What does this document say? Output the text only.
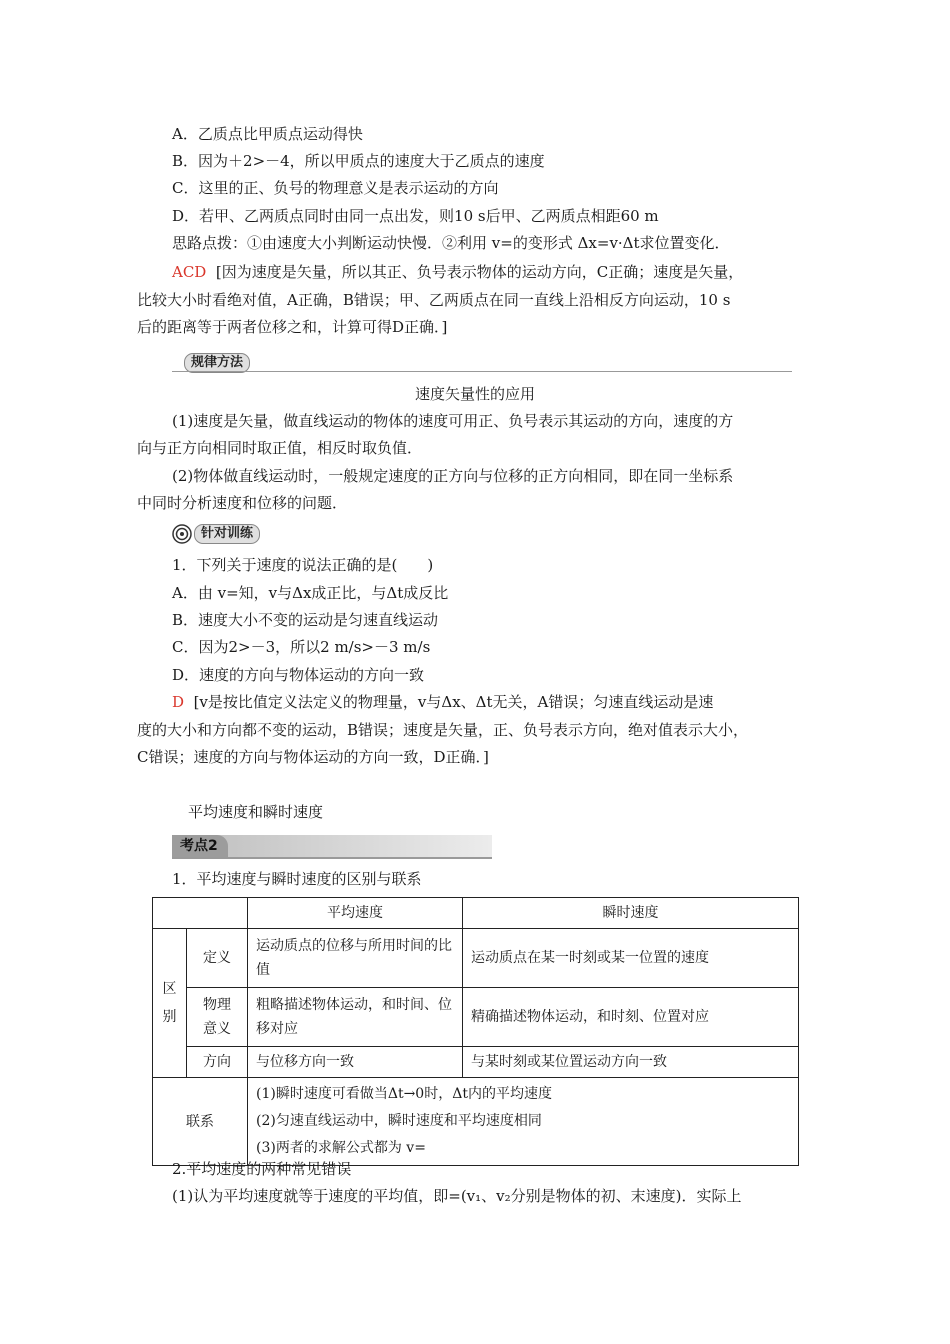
A．乙质点比甲质点运动得快
B．因为＋2>－4，所以甲质点的速度大于乙质点的速度
C．这里的正、负号的物理意义是表示运动的方向
D．若甲、乙两质点同时由同一点出发，则10 s后甲、乙两质点相距60 m
思路点拨：①由速度大小判断运动快慢．②利用 v=的变形式 Δx=v·Δt求位置变化．
ACD [因为速度是矢量，所以其正、负号表示物体的运动方向，C正确；速度是矢量，
比较大小时看绝对值，A正确，B错误；甲、乙两质点在同一直线上沿相反方向运动，10 s
后的距离等于两者位移之和，计算可得D正确．]
规律方法
速度矢量性的应用
(1)速度是矢量，做直线运动的物体的速度可用正、负号表示其运动的方向，速度的方
向与正方向相同时取正值，相反时取负值．
(2)物体做直线运动时，一般规定速度的正方向与位移的正方向相同，即在同一坐标系
中同时分析速度和位移的问题．
针对训练
1．下列关于速度的说法正确的是(　　)
A．由 v=知，v与Δx成正比，与Δt成反比
B．速度大小不变的运动是匀速直线运动
C．因为2>－3，所以2 m/s>－3 m/s
D．速度的方向与物体运动的方向一致
D [v是按比值定义法定义的物理量，v与Δx、Δt无关，A错误；匀速直线运动是速
度的大小和方向都不变的运动，B错误；速度是矢量，正、负号表示方向，绝对值表示大小，
C错误；速度的方向与物体运动的方向一致，D正确．]
平均速度和瞬时速度
考点2
1．平均速度与瞬时速度的区别与联系
		平均速度	瞬时速度
区别	定义	运动质点的位移与所用时间的比值	运动质点在某一时刻或某一位置的速度
	物理意义	粗略描述物体运动，和时间、位移对应	精确描述物体运动，和时刻、位置对应
	方向	与位移方向一致	与某时刻或某位置运动方向一致
联系		(1)瞬时速度可看做当Δt→0时，Δt内的平均速度
(2)匀速直线运动中，瞬时速度和平均速度相同
(3)两者的求解公式都为 v=	
2.平均速度的两种常见错误
(1)认为平均速度就等于速度的平均值，即=(v₁、v₂分别是物体的初、末速度)．实际上
